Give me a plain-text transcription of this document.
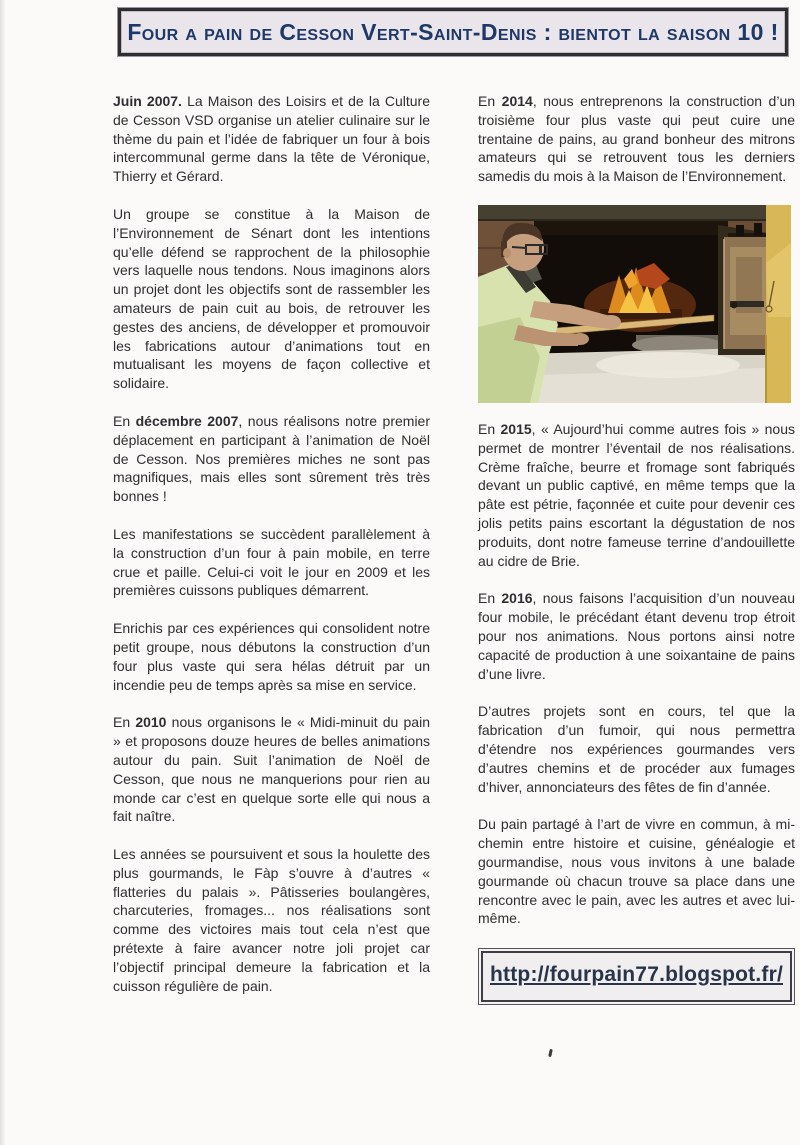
Four a pain de Cesson Vert-Saint-Denis : bientot la saison 10 !

Juin 2007. La Maison des Loisirs et de la Culture de Cesson VSD organise un atelier culinaire sur le thème du pain et l’idée de fabriquer un four à bois intercommunal germe dans la tête de Véronique, Thierry et Gérard.

Un groupe se constitue à la Maison de l’Environnement de Sénart dont les intentions qu’elle défend se rapprochent de la philosophie vers laquelle nous tendons. Nous imaginons alors un projet dont les objectifs sont de rassembler les amateurs de pain cuit au bois, de retrouver les gestes des anciens, de développer et promouvoir les fabrications autour d’animations tout en mutualisant les moyens de façon collective et solidaire.

En décembre 2007, nous réalisons notre premier déplacement en participant à l’animation de Noël de Cesson. Nos premières miches ne sont pas magnifiques, mais elles sont sûrement très très bonnes !

Les manifestations se succèdent parallèlement à la construction d’un four à pain mobile, en terre crue et paille. Celui-ci voit le jour en 2009 et les premières cuissons publiques démarrent.

Enrichis par ces expériences qui consolident notre petit groupe, nous débutons la construction d’un four plus vaste qui sera hélas détruit par un incendie peu de temps après sa mise en service.

En 2010 nous organisons le « Midi-minuit du pain » et proposons douze heures de belles animations autour du pain. Suit l’animation de Noël de Cesson, que nous ne manquerions pour rien au monde car c’est en quelque sorte elle qui nous a fait naître.

Les années se poursuivent et sous la houlette des plus gourmands, le Fàp s’ouvre à d’autres « flatteries du palais ». Pâtisseries boulangères, charcuteries, fromages... nos réalisations sont comme des victoires mais tout cela n’est que prétexte à faire avancer notre joli projet car l’objectif principal demeure la fabrication et la cuisson régulière de pain.

En 2014, nous entreprenons la construction d’un troisième four plus vaste qui peut cuire une trentaine de pains, au grand bonheur des mitrons amateurs qui se retrouvent tous les derniers samedis du mois à la Maison de l’Environnement.

En 2015, « Aujourd’hui comme autres fois » nous permet de montrer l’éventail de nos réalisations. Crème fraîche, beurre et fromage sont fabriqués devant un public captivé, en même temps que la pâte est pétrie, façonnée et cuite pour devenir ces jolis petits pains escortant la dégustation de nos produits, dont notre fameuse terrine d’andouillette au cidre de Brie.

En 2016, nous faisons l’acquisition d’un nouveau four mobile, le précédant étant devenu trop étroit pour nos animations. Nous portons ainsi notre capacité de production à une soixantaine de pains d’une livre.

D’autres projets sont en cours, tel que la fabrication d’un fumoir, qui nous permettra d’étendre nos expériences gourmandes vers d’autres chemins et de procéder aux fumages d’hiver, annonciateurs des fêtes de fin d’année.

Du pain partagé à l’art de vivre en commun, à mi-chemin entre histoire et cuisine, généalogie et gourmandise, nous vous invitons à une balade gourmande où chacun trouve sa place dans une rencontre avec le pain, avec les autres et avec lui-même.

http://fourpain77.blogspot.fr/
